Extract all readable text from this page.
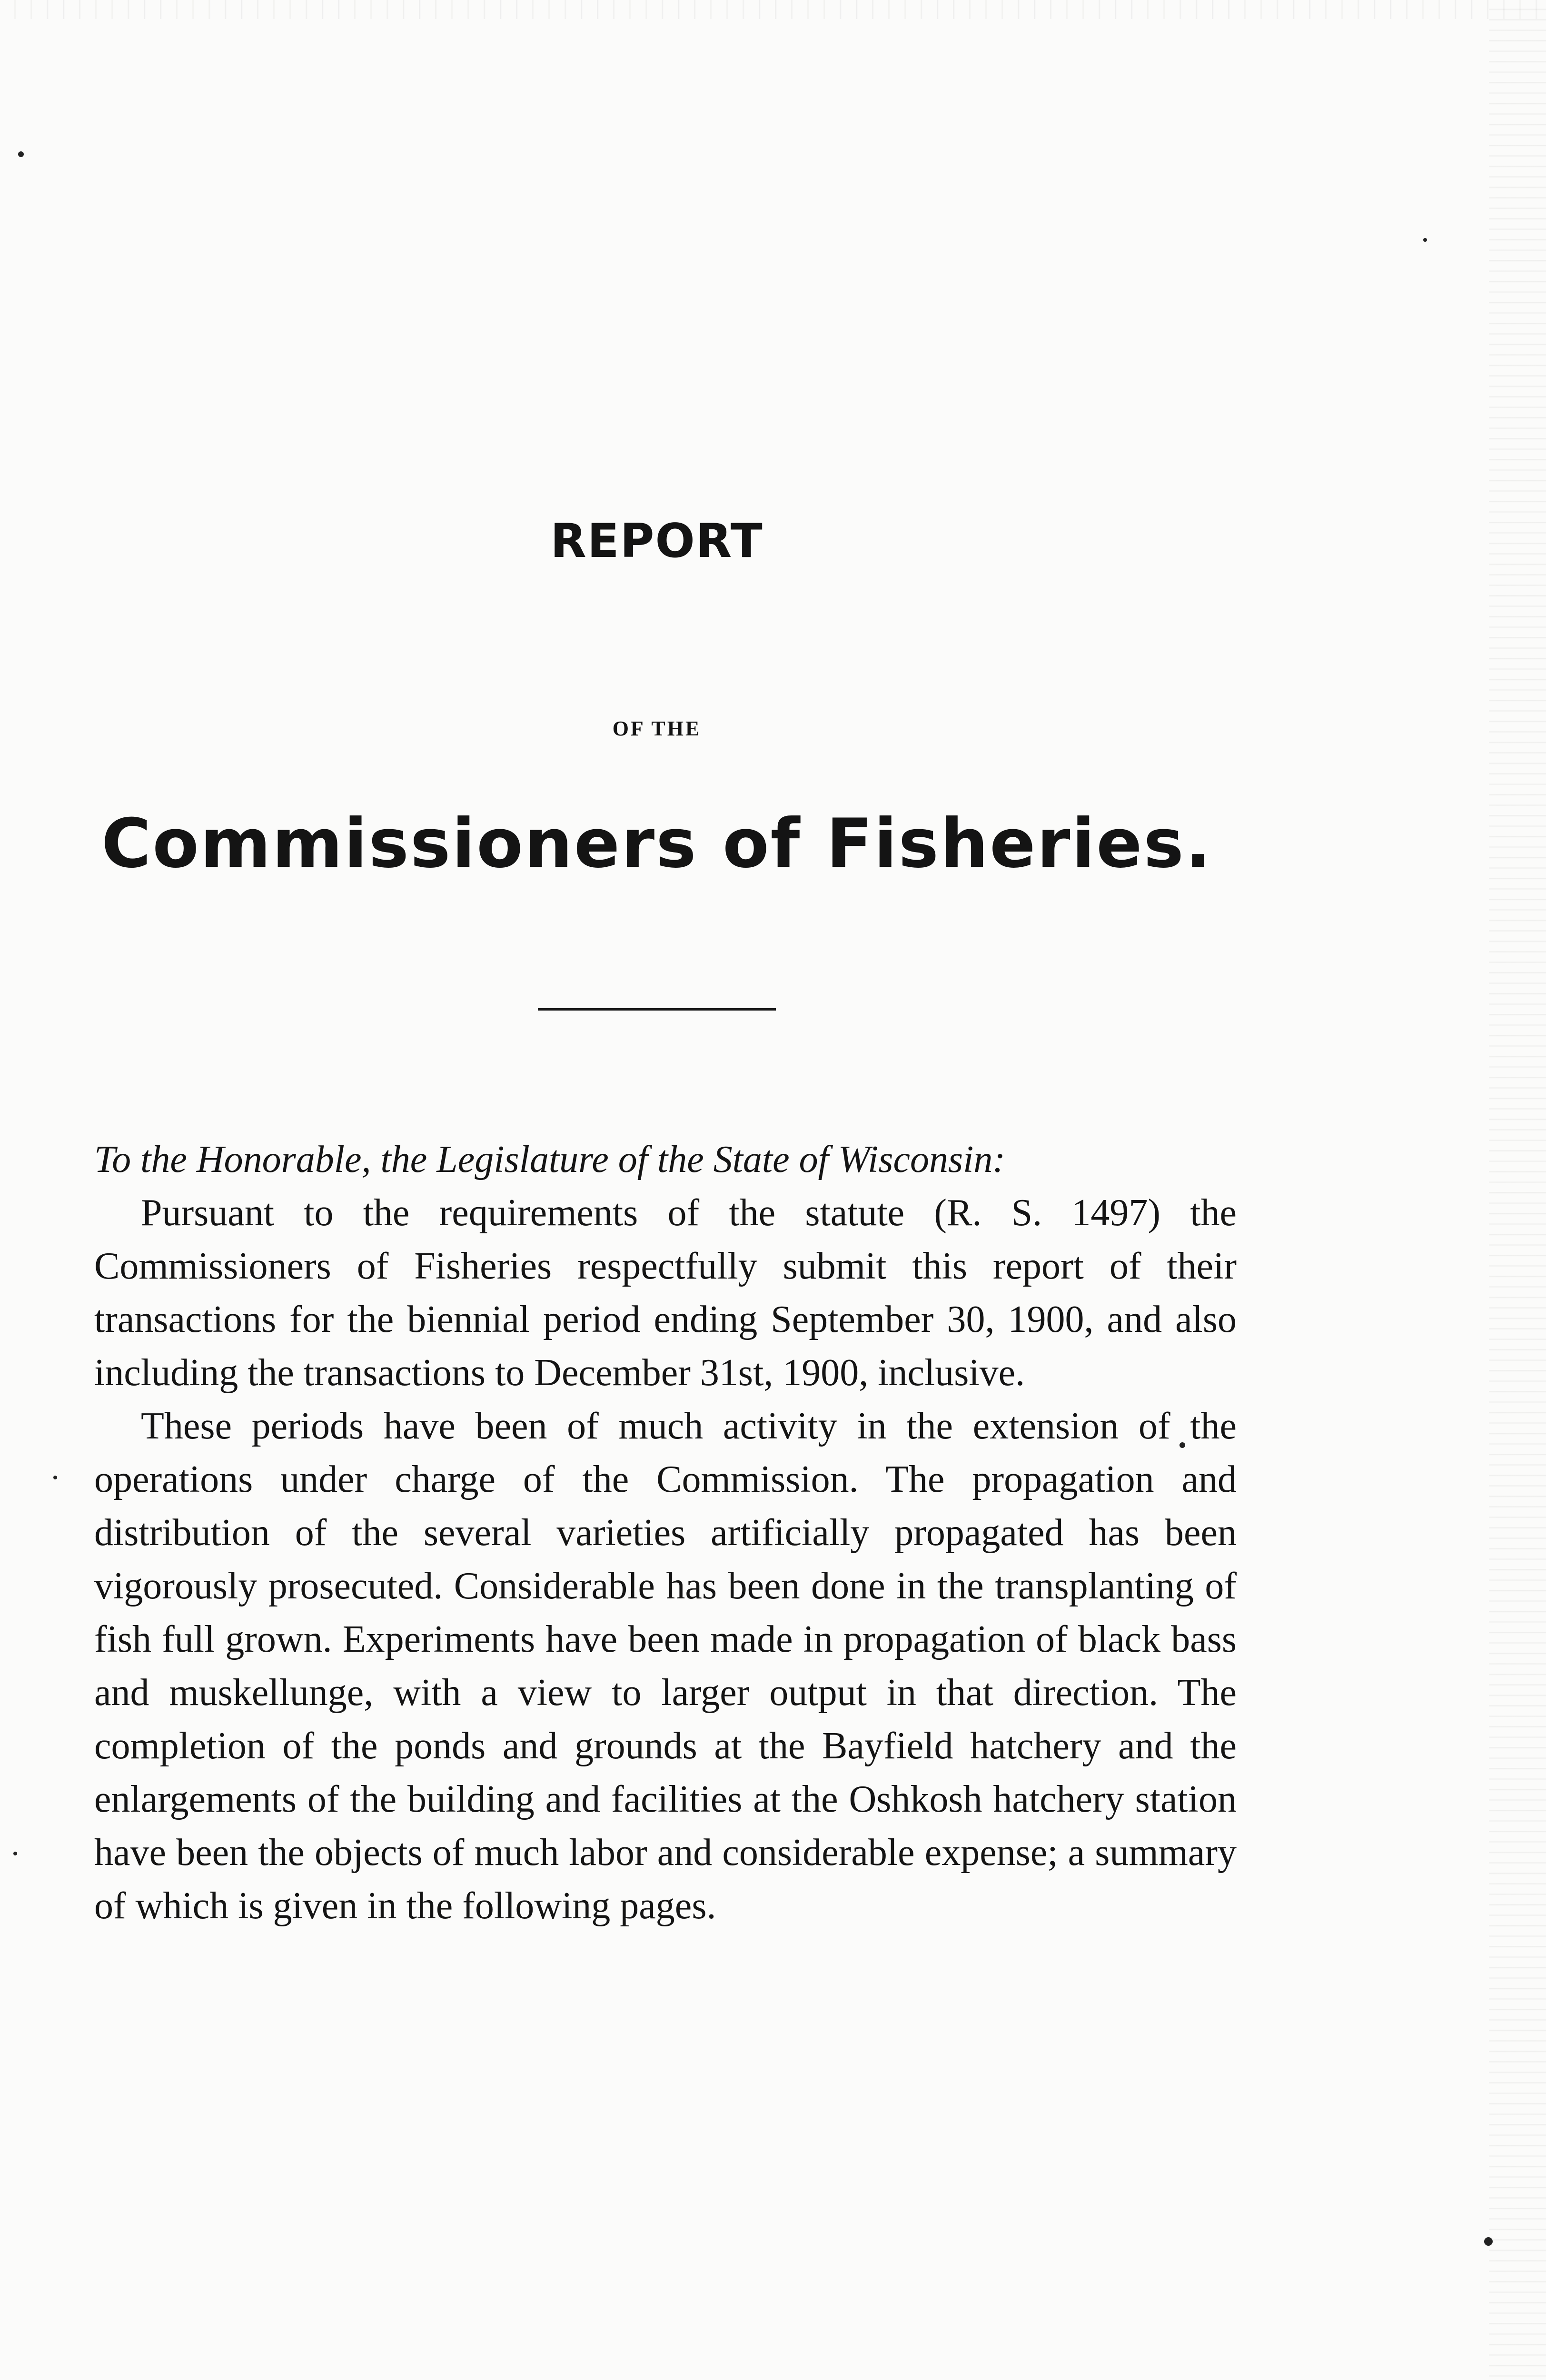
REPORT
OF THE
Commissioners of Fisheries.
To the Honorable, the Legislature of the State of Wisconsin:

Pursuant to the requirements of the statute (R. S. 1497) the Commissioners of Fisheries respectfully submit this report of their transactions for the biennial period ending September 30, 1900, and also including the transactions to December 31st, 1900, inclusive.

These periods have been of much activity in the extension of the operations under charge of the Commission. The propagation and distribution of the several varieties artificially propagated has been vigorously prosecuted. Considerable has been done in the transplanting of fish full grown. Experiments have been made in propagation of black bass and muskellunge, with a view to larger output in that direction. The completion of the ponds and grounds at the Bayfield hatchery and the enlargements of the building and facilities at the Oshkosh hatchery station have been the objects of much labor and considerable expense; a summary of which is given in the following pages.
